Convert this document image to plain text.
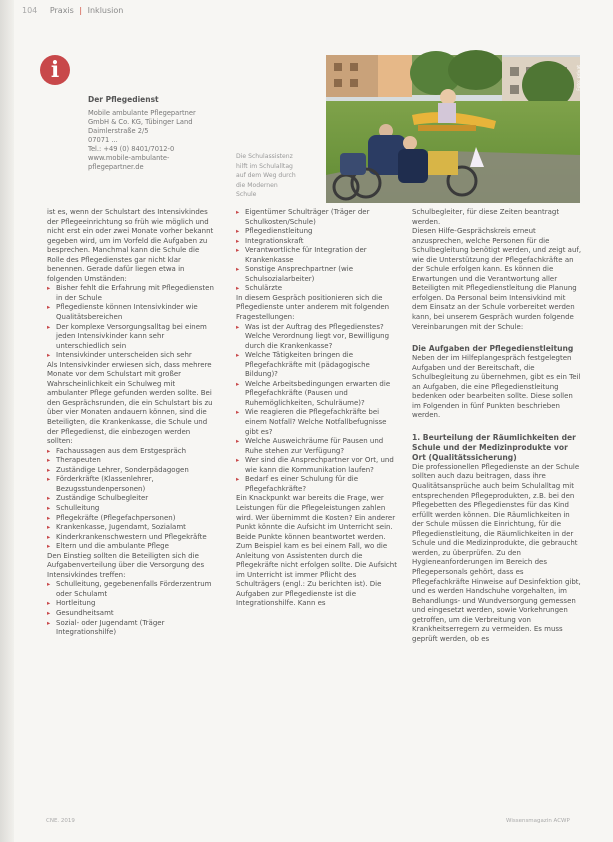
104 Praxis | Inklusion
i
Der Pflegedienst
Mobile ambulante Pflegepartner
GmbH & Co. KG, Tübinger Land
Daimlerstraße 2/5
07071 ...
Tel.: +49 (0) 8401/7012-0
www.mobile-ambulante-
pflegepartner.de
Foto: privat
Die Schulassistenz
hilft im Schulalltag
auf dem Weg durch
die Modernen
Schule
ist es, wenn der Schulstart des Intensivkindes der Pflegeeinrichtung so früh wie möglich und nicht erst ein oder zwei Monate vorher bekannt gegeben wird, um im Vorfeld die Aufgaben zu besprechen. Manchmal kann die Schule die Rolle des Pflegedienstes gar nicht klar benennen. Gerade dafür liegen etwa in folgenden Umständen:
▸ Bisher fehlt die Erfahrung mit Pflegediensten in der Schule
▸ Pflegedienste können Intensivkinder wie Qualitätsbereichen
▸ Der komplexe Versorgungsalltag bei einem jeden Intensivkinder kann sehr unterschiedlich sein
▸ Intensivkinder unterscheiden sich sehr
Als Intensivkinder erwiesen sich, dass mehrere Monate vor dem Schulstart mit großer Wahrscheinlichkeit ein Schulweg mit ambulanter Pflege gefunden werden sollte. Bei den Gesprächsrunden, die ein Schulstart bis zu über vier Monaten andauern können, sind die Beteiligten, die Krankenkasse, die Schule und der Pflegedienst, die einbezogen werden sollten:
▸ Fachaussagen aus dem Erstgespräch
▸ Therapeuten
▸ Zuständige Lehrer, Sonderpädagogen
▸ Förderkräfte (Klassenlehrer, Bezugsstundenpersonen)
▸ Zuständige Schulbegleiter
▸ Schulleitung
▸ Pflegekräfte (Pflegefachpersonen)
▸ Krankenkasse, Jugendamt, Sozialamt
▸ Kinderkrankenschwestern und Pflegekräfte
▸ Eltern und die ambulante Pflege
Den Einstieg sollten die Beteiligten sich die Aufgabenverteilung über die Versorgung des Intensivkindes treffen:
▸ Schulleitung, gegebenenfalls Förderzentrum oder Schulamt
▸ Hortleitung
▸ Gesundheitsamt
▸ Sozial- oder Jugendamt (Träger Integrationshilfe)
▸ Eigentümer Schulträger (Träger der Schulkosten/Schule)
▸ Pflegedienstleitung
▸ Integrationskraft
▸ Verantwortliche für Integration der Krankenkasse
▸ Sonstige Ansprechpartner (wie Schulsozialarbeiter)
▸ Schulärzte
In diesem Gespräch positionieren sich die Pflegedienste unter anderem mit folgenden Fragestellungen:
▸ Was ist der Auftrag des Pflegedienstes? Welche Verordnung liegt vor, Bewilligung durch die Krankenkasse?
▸ Welche Tätigkeiten bringen die Pflegefachkräfte mit (pädagogische Bildung)?
▸ Welche Arbeitsbedingungen erwarten die Pflegefachkräfte (Pausen und Ruhemöglichkeiten, Schulräume)?
▸ Wie reagieren die Pflegefachkräfte bei einem Notfall? Welche Notfallbefugnisse gibt es?
▸ Welche Ausweichräume für Pausen und Ruhe stehen zur Verfügung?
▸ Wer sind die Ansprechpartner vor Ort, und wie kann die Kommunikation laufen?
▸ Bedarf es einer Schulung für die Pflegefachkräfte?
Ein Knackpunkt war bereits die Frage, wer Leistungen für die Pflegeleistungen zahlen wird. Wer übernimmt die Kosten? Ein anderer Punkt könnte die Aufsicht im Unterricht sein. Beide Punkte können beantwortet werden. Zum Beispiel kam es bei einem Fall, wo die Anleitung von Assistenten durch die Pflegekräfte nicht erfolgen sollte. Die Aufsicht im Unterricht ist immer Pflicht des Schulträgers (engl.: Zu berichten ist). Die Aufgaben zur Pflegedienste ist die Integrationshilfe. Kann es
Schulbegleiter, für diese Zeiten beantragt werden.
Diesen Hilfe-Gesprächskreis erneut anzusprechen, welche Personen für die Schulbegleitung benötigt werden, und zeigt auf, wie die Unterstützung der Pflegefachkräfte an der Schule erfolgen kann. Es können die Erwartungen und die Verantwortung aller Beteiligten mit Pflegedienstleitung die Planung erfolgen. Da Personal beim Intensivkind mit dem Einsatz an der Schule vorbereitet werden kann, bei unserem Gespräch wurden folgende Vereinbarungen mit der Schule:
Die Aufgaben der Pflegedienstleitung
Neben der im Hilfeplangespräch festgelegten Aufgaben und der Bereitschaft, die Schulbegleitung zu übernehmen, gibt es ein Teil an Aufgaben, die eine Pflegedienstleitung bedenken oder bearbeiten sollte. Diese sollen im Folgenden in fünf Punkten beschrieben werden.
1. Beurteilung der Räumlichkeiten der Schule und der Medizinprodukte vor Ort (Qualitätssicherung)
Die professionellen Pflegedienste an der Schule sollten auch dazu beitragen, dass ihre Qualitätsansprüche auch beim Schulalltag mit entsprechenden Pflegeprodukten, z.B. bei den Pflegebetten des Pflegedienstes für das Kind erfüllt werden können. Die Räumlichkeiten in der Schule müssen die Einrichtung, für die Pflegedienstleitung, die Räumlichkeiten in der Schule und die Medizinprodukte, die gebraucht werden, zu überprüfen. Zu den Hygieneanforderungen im Bereich des Pflegepersonals gehört, dass es Pflegefachkräfte Hinweise auf Desinfektion gibt, und es werden Handschuhe vorgehalten, im Behandlungs- und Wundversorgung gemessen und eingesetzt werden, sowie Vorkehrungen getroffen, um die Verbreitung von Krankheitserregern zu vermeiden. Es muss geprüft werden, ob es
CNE. 2019	Wissensmagazin ACWP
